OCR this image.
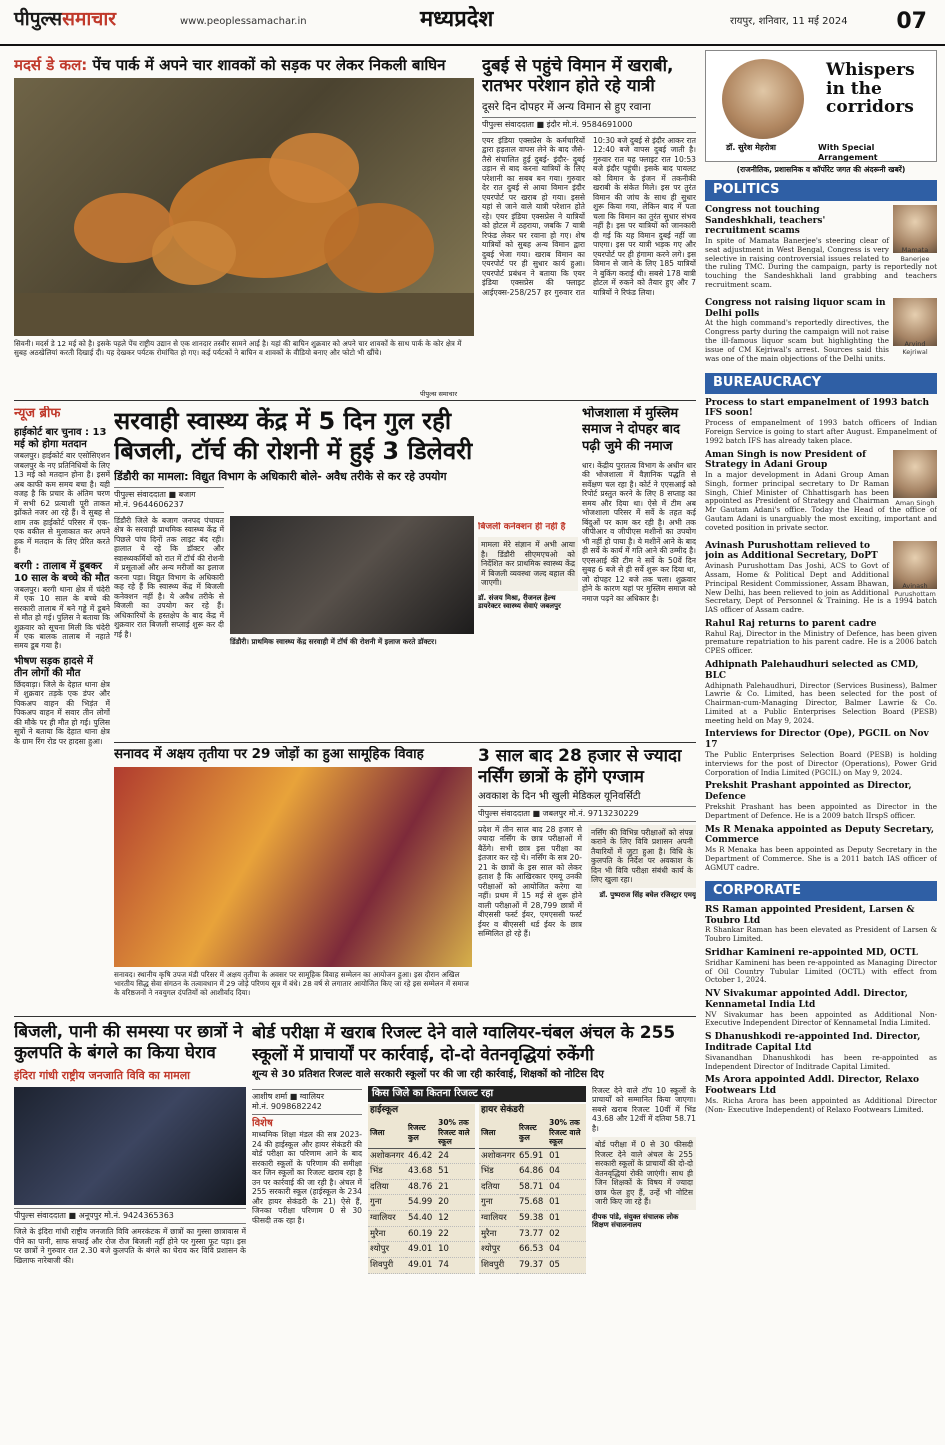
पीपुल्ससमाचार	www.peoplessamachar.in	मध्यप्रदेश	रायपुर, शनिवार, 11 मई 2024 07
मदर्स डे कल: पेंच पार्क में अपने चार शावकों को सड़क पर लेकर निकली बाघिन
सिवनी। मदर्स डे 12 मई को है। इसके पहले पेंच राष्ट्रीय उद्यान से एक शानदार तस्वीर सामने आई है। यहां की बाघिन शुक्रवार को अपने चार शावकों के साथ पार्क के कोर क्षेत्र में सुबह अठखेलियां करती दिखाई दी। यह देखकर पर्यटक रोमांचित हो गए। कई पर्यटकों ने बाघिन व शावकों के वीडियो बनाए और फोटो भी खींचे।
पीपुल्स समाचार
दुबई से पहुंचे विमान में खराबी, रातभर परेशान होते रहे यात्री
दूसरे दिन दोपहर में अन्य विमान से हुए रवाना
पीपुल्स संवाददाता ■ इंदौर मो.नं. 9584691000
एयर इंडिया एक्सप्रेस के कर्मचारियों द्वारा हड़ताल वापस लेने के बाद जैसे-तैसे संचालित हुई दुबई- इंदौर- दुबई उड़ान से बाद करना यात्रियों के लिए परेशानी का सबब बन गया। गुरुवार देर रात दुबई से आया विमान इंदौर एयरपोर्ट पर खराब हो गया। इससे यहां से जाने वाले यात्री परेशान होते रहे। एयर इंडिया एक्सप्रेस ने यात्रियों को होटल में ठहराया, जबकि 7 यात्री रिफंड लेकर घर रवाना हो गए। शेष यात्रियों को सुबह अन्य विमान द्वारा दुबई भेजा गया। खराब विमान का एयरपोर्ट पर ही सुधार कार्य हुआ। एयरपोर्ट प्रबंधन ने बताया कि एयर इंडिया एक्सप्रेस की फ्लाइट आईएक्स-258/257 हर गुरुवार रात 10:30 बजे दुबई से इंदौर आकर रात 12:40 बजे वापस दुबई जाती है। गुरुवार रात यह फ्लाइट रात 10:53 बजे इंदौर पहुंची। इसके बाद पायलट को विमान के इंजन में तकनीकी खराबी के संकेत मिले। इस पर तुरंत विमान की जांच के साथ ही सुधार शुरू किया गया, लेकिन बाद में पता चला कि विमान का तुरंत सुधार संभव नहीं है। इस पर यात्रियों को जानकारी दी गई कि यह विमान दुबई नहीं जा पाएगा। इस पर यात्री भड़क गए और एयरपोर्ट पर ही हंगामा करने लगे। इस विमान से जाने के लिए 185 यात्रियों ने बुकिंग कराई थी। सबसे 178 यात्री होटल में रुकने को तैयार हुए और 7 यात्रियों ने रिफंड लिया।
न्यूज ब्रीफ
हाईकोर्ट बार चुनाव : 13 मई को होगा मतदान
जबलपुर। हाईकोर्ट बार एसोसिएशन जबलपुर के नए प्रतिनिधियों के लिए 13 मई को मतदान होना है। इसमें अब काफी कम समय बचा है। यही वजह है कि प्रचार के अंतिम चरण में सभी 62 प्रत्याशी पूरी ताकत झोंकते नजर आ रहे हैं। वे सुबह से शाम तक हाईकोर्ट परिसर में एक-एक वकील से मुलाकात कर अपने हक में मतदान के लिए प्रेरित करते हैं।
बरगी : तालाब में डूबकर 10 साल के बच्चे की मौत
जबलपुर। बरगी थाना क्षेत्र में चंदेरी में एक 10 साल के बच्चे की सरकारी तालाब में बने गड्ढे में डूबने से मौत हो गई। पुलिस ने बताया कि शुक्रवार को सूचना मिली कि चंदेरी में एक बालक तालाब में नहाते समय डूब गया है।
भीषण सड़क हादसे में तीन लोगों की मौत
छिंदवाड़ा। जिले के देहात थाना क्षेत्र में शुक्रवार तड़के एक डंपर और पिकअप वाहन की भिड़ंत में पिकअप वाहन में सवार तीन लोगों की मौके पर ही मौत हो गई। पुलिस सूत्रों ने बताया कि देहात थाना क्षेत्र के ग्राम रिंग रोड पर हादसा हुआ।
सरवाही स्वास्थ्य केंद्र में 5 दिन गुल रही बिजली, टॉर्च की रोशनी में हुई 3 डिलेवरी
डिंडौरी का मामला: विद्युत विभाग के अधिकारी बोले- अवैध तरीके से कर रहे उपयोग
पीपुल्स संवाददाता ■ बजाग
मो.नं. 9644606237
डिंडौरी जिले के बजाग जनपद पंचायत क्षेत्र के सरवाही प्राथमिक स्वास्थ्य केंद्र में पिछले पांच दिनों तक लाइट बंद रही। हालात ये रहे कि डॉक्टर और स्वास्थ्यकर्मियों को रात में टॉर्च की रोशनी में प्रसूताओं और अन्य मरीजों का इलाज करना पड़ा। विद्युत विभाग के अधिकारी कह रहे हैं कि स्वास्थ्य केंद्र में बिजली कनेक्शन नहीं है। ये अवैध तरीके से बिजली का उपयोग कर रहे हैं। अधिकारियों के हस्तक्षेप के बाद केंद्र में शुक्रवार रात बिजली सप्लाई शुरू कर दी गई है।
डिंडौरी। प्राथमिक स्वास्थ्य केंद्र सरवाही में टॉर्च की रोशनी में इलाज करते डॉक्टर।
बिजली कनेक्शन ही नहीं है
मामला मेरे संज्ञान में अभी आया है। डिंडौरी सीएमएचओ को निर्देशित कर प्राथमिक स्वास्थ्य केंद्र में बिजली व्यवस्था जल्द बहाल की जाएगी।
डॉ. संजय मिश्रा, रीजनल हेल्थ डायरेक्टर स्वास्थ्य सेवाएं जबलपुर
भोजशाला में मुस्लिम समाज ने दोपहर बाद पढ़ी जुमे की नमाज
धार। केंद्रीय पुरातत्व विभाग के अधीन धार की भोजशाला में वैज्ञानिक पद्धति से सर्वेक्षण चल रहा है। कोर्ट ने एएसआई को रिपोर्ट प्रस्तुत करने के लिए 8 सप्ताह का समय और दिया था। ऐसे में टीम अब भोजशाला परिसर में सर्वे के तहत कई बिंदुओं पर काम कर रही है। अभी तक जीपीआर व जीपीएस मशीनों का उपयोग भी नहीं हो पाया है। ये मशीनें आने के बाद ही सर्वे के कार्य में गति आने की उम्मीद है। एएसआई की टीम ने सर्वे के 50वें दिन सुबह 6 बजे से ही सर्वे शुरू कर दिया था, जो दोपहर 12 बजे तक चला। शुक्रवार होने के कारण यहां पर मुस्लिम समाज को नमाज पढ़ने का अधिकार है।
सनावद में अक्षय तृतीया पर 29 जोड़ों का हुआ सामूहिक विवाह
सनावद। स्थानीय कृषि उपज मंडी परिसर में अक्षय तृतीया के अवसर पर सामूहिक विवाह सम्मेलन का आयोजन हुआ। इस दौरान अखिल भारतीय सिद्ध सेवा संगठन के तत्वावधान में 29 जोड़े परिणय सूत्र में बंधे। 28 वर्ष से लगातार आयोजित किए जा रहे इस सम्मेलन में समाज के वरिष्ठजनों ने नवयुगल दंपतियों को आशीर्वाद दिया।
3 साल बाद 28 हजार से ज्यादा नर्सिंग छात्रों के होंगे एग्जाम
अवकाश के दिन भी खुली मेडिकल यूनिवर्सिटी
पीपुल्स संवाददाता ■ जबलपुर मो.नं. 9713230229
प्रदेश में तीन साल बाद 28 हजार से ज्यादा नर्सिंग के छात्र परीक्षाओं में बैठेंगे। सभी छात्र इस परीक्षा का इंतजार कर रहे थे। नर्सिंग के सत्र 20-21 के छात्रों के इस साल को लेकर हताश है कि आखिरकार एमयू उनकी परीक्षाओं को आयोजित करेगा या नहीं। प्रथम में 15 मई से शुरू होने वाली परीक्षाओं में 28,799 छात्रों में बीएससी फर्स्ट ईयर, एमएससी फर्स्ट ईयर व बीएससी थर्ड ईयर के छात्र सम्मिलित हो रहे हैं।
नर्सिंग की विभिन्न परीक्षाओं को संपन्न कराने के लिए विवि प्रशासन अपनी तैयारियों में जुटा हुआ है। विधि के कुलपति के निर्देश पर अवकाश के दिन भी विवि परीक्षा संबंधी कार्य के लिए खुला रहा।
डॉ. पुष्पराज सिंह बघेल रजिस्ट्रार एमयू
बिजली, पानी की समस्या पर छात्रों ने कुलपति के बंगले का किया घेराव
इंदिरा गांधी राष्ट्रीय जनजाति विवि का मामला
पीपुल्स संवाददाता ■ अनूपपुर मो.नं. 9424365363
जिले के इंदिरा गांधी राष्ट्रीय जनजाति विवि अमरकंटक में छात्रों का गुस्सा छात्रावास में पीने का पानी, साफ सफाई और रोज रोज बिजली नहीं होने पर गुस्सा फूट पड़ा। इस पर छात्रों ने गुरुवार रात 2.30 बजे कुलपति के बंगले का घेराव कर विवि प्रशासन के खिलाफ नारेबाजी की।
बोर्ड परीक्षा में खराब रिजल्ट देने वाले ग्वालियर-चंबल अंचल के 255 स्कूलों में प्राचार्यों पर कार्रवाई, दो-दो वेतनवृद्धियां रुकेंगी
शून्य से 30 प्रतिशत रिजल्ट वाले सरकारी स्कूलों पर की जा रही कार्रवाई, शिक्षकों को नोटिस दिए
आशीष शर्मा ■ ग्वालियर
मो.नं. 9098682242
विशेष
माध्यमिक शिक्षा मंडल की सत्र 2023-24 की हाईस्कूल और हायर सेकंडरी की बोर्ड परीक्षा का परिणाम आने के बाद सरकारी स्कूलों के परिणाम की समीक्षा कर जिन स्कूलों का रिजल्ट खराब रहा है उन पर कार्रवाई की जा रही है। अंचल में 255 सरकारी स्कूल (हाईस्कूल के 234 और हायर सेकंडरी के 21) ऐसे हैं, जिनका परीक्षा परिणाम 0 से 30 फीसदी तक रहा है।
किस जिले का कितना रिजल्ट रहा
हाईस्कूल
जिला	रिजल्ट कुल	30% तक रिजल्ट वाले स्कूल
अशोकनगर	46.42	24
भिंड	43.68	51
दतिया	48.76	21
गुना	54.99	20
ग्वालियर	54.40	12
मुरैना	60.19	22
श्योपुर	49.01	10
शिवपुरी	49.01	74
हायर सेकंडरी
जिला	रिजल्ट कुल	30% तक रिजल्ट वाले स्कूल
अशोकनगर	65.91	01
भिंड	64.86	04
दतिया	58.71	04
गुना	75.68	01
ग्वालियर	59.38	01
मुरैना	73.77	02
श्योपुर	66.53	04
शिवपुरी	79.37	05
रिजल्ट देने वाले टॉप 10 स्कूलों के प्राचार्यों को सम्मानित किया जाएगा। सबसे खराब रिजल्ट 10वीं में भिंड 43.68 और 12वीं में दतिया 58.71 है।
बोर्ड परीक्षा में 0 से 30 फीसदी रिजल्ट देने वाले अंचल के 255 सरकारी स्कूलों के प्राचार्यों की दो-दो वेतनवृद्धियां रोकी जाएंगी। साथ ही जिन शिक्षकों के विषय में ज्यादा छात्र फेल हुए हैं, उन्हें भी नोटिस जारी किए जा रहे हैं।
दीपक पांडे, संयुक्त संचालक लोक शिक्षण संचालनालय
Whispers in the corridors
डॉ. सुरेश मेहरोत्रा	With Special Arrangement
(राजनीतिक, प्रशासनिक व कॉर्पोरेट जगत की अंदरूनी खबरें)
POLITICS
Mamata Banerjee
Congress not touching Sandeshkhali, teachers' recruitment scams
In spite of Mamata Banerjee's steering clear of seat adjustment in West Bengal, Congress is very selective in raising controversial issues related to the ruling TMC. During the campaign, party is reportedly not touching the Sandeshkhali land grabbing and teachers recruitment scam.
Arvind Kejriwal
Congress not raising liquor scam in Delhi polls
At the high command's reportedly directives, the Congress party during the campaign will not raise the ill-famous liquor scam but highlighting the issue of CM Kejriwal's arrest. Sources said this was one of the main objections of the Delhi units.
BUREAUCRACY
Process to start empanelment of 1993 batch IFS soon!
Process of empanelment of 1993 batch officers of Indian Foreign Service is going to start after August. Empanelment of 1992 batch IFS has already taken place.
Aman Singh
Aman Singh is now President of Strategy in Adani Group
In a major development in Adani Group Aman Singh, former principal secretary to Dr Raman Singh, Chief Minister of Chhattisgarh has been appointed as President of Strategy and Chairman Mr Gautam Adani's office. Today the Head of the office of Gautam Adani is unarguably the most exciting, important and coveted position in private sector.
Avinash Purushottam
Avinash Purushottam relieved to join as Additional Secretary, DoPT
Avinash Purushottam Das Joshi, ACS to Govt of Assam, Home & Political Dept and Additional Principal Resident Commissioner, Assam Bhawan, New Delhi, has been relieved to join as Additional Secretary, Dept of Personnel & Training. He is a 1994 batch IAS officer of Assam cadre.
Rahul Raj returns to parent cadre
Rahul Raj, Director in the Ministry of Defence, has been given premature repatriation to his parent cadre. He is a 2006 batch CPES officer.
Adhipnath Palehaudhuri selected as CMD, BLC
Adhipnath Palehaudhuri, Director (Services Business), Balmer Lawrie & Co. Limited, has been selected for the post of Chairman-cum-Managing Director, Balmer Lawrie & Co. Limited at a Public Enterprises Selection Board (PESB) meeting held on May 9, 2024.
Interviews for Director (Ope), PGCIL on Nov 17
The Public Enterprises Selection Board (PESB) is holding interviews for the post of Director (Operations), Power Grid Corporation of India Limited (PGCIL) on May 9, 2024.
Prekshit Prashant appointed as Director, Defence
Prekshit Prashant has been appointed as Director in the Department of Defence. He is a 2009 batch IIrspS officer.
Ms R Menaka appointed as Deputy Secretary, Commerce
Ms R Menaka has been appointed as Deputy Secretary in the Department of Commerce. She is a 2011 batch IAS officer of AGMUT cadre.
CORPORATE
RS Raman appointed President, Larsen & Toubro Ltd
R Shankar Raman has been elevated as President of Larsen & Toubro Limited.
Sridhar Kamineni re-appointed MD, OCTL
Sridhar Kamineni has been re-appointed as Managing Director of Oil Country Tubular Limited (OCTL) with effect from October 1, 2024.
NV Sivakumar appointed Addl. Director, Kennametal India Ltd
NV Sivakumar has been appointed as Additional Non-Executive Independent Director of Kennametal India Limited.
S Dhanushkodi re-appointed Ind. Director, Inditrade Capital Ltd
Sivanandhan Dhanushkodi has been re-appointed as Independent Director of Inditrade Capital Limited.
Ms Arora appointed Addl. Director, Relaxo Footwears Ltd
Ms. Richa Arora has been appointed as Additional Director (Non- Executive Independent) of Relaxo Footwears Limited.
